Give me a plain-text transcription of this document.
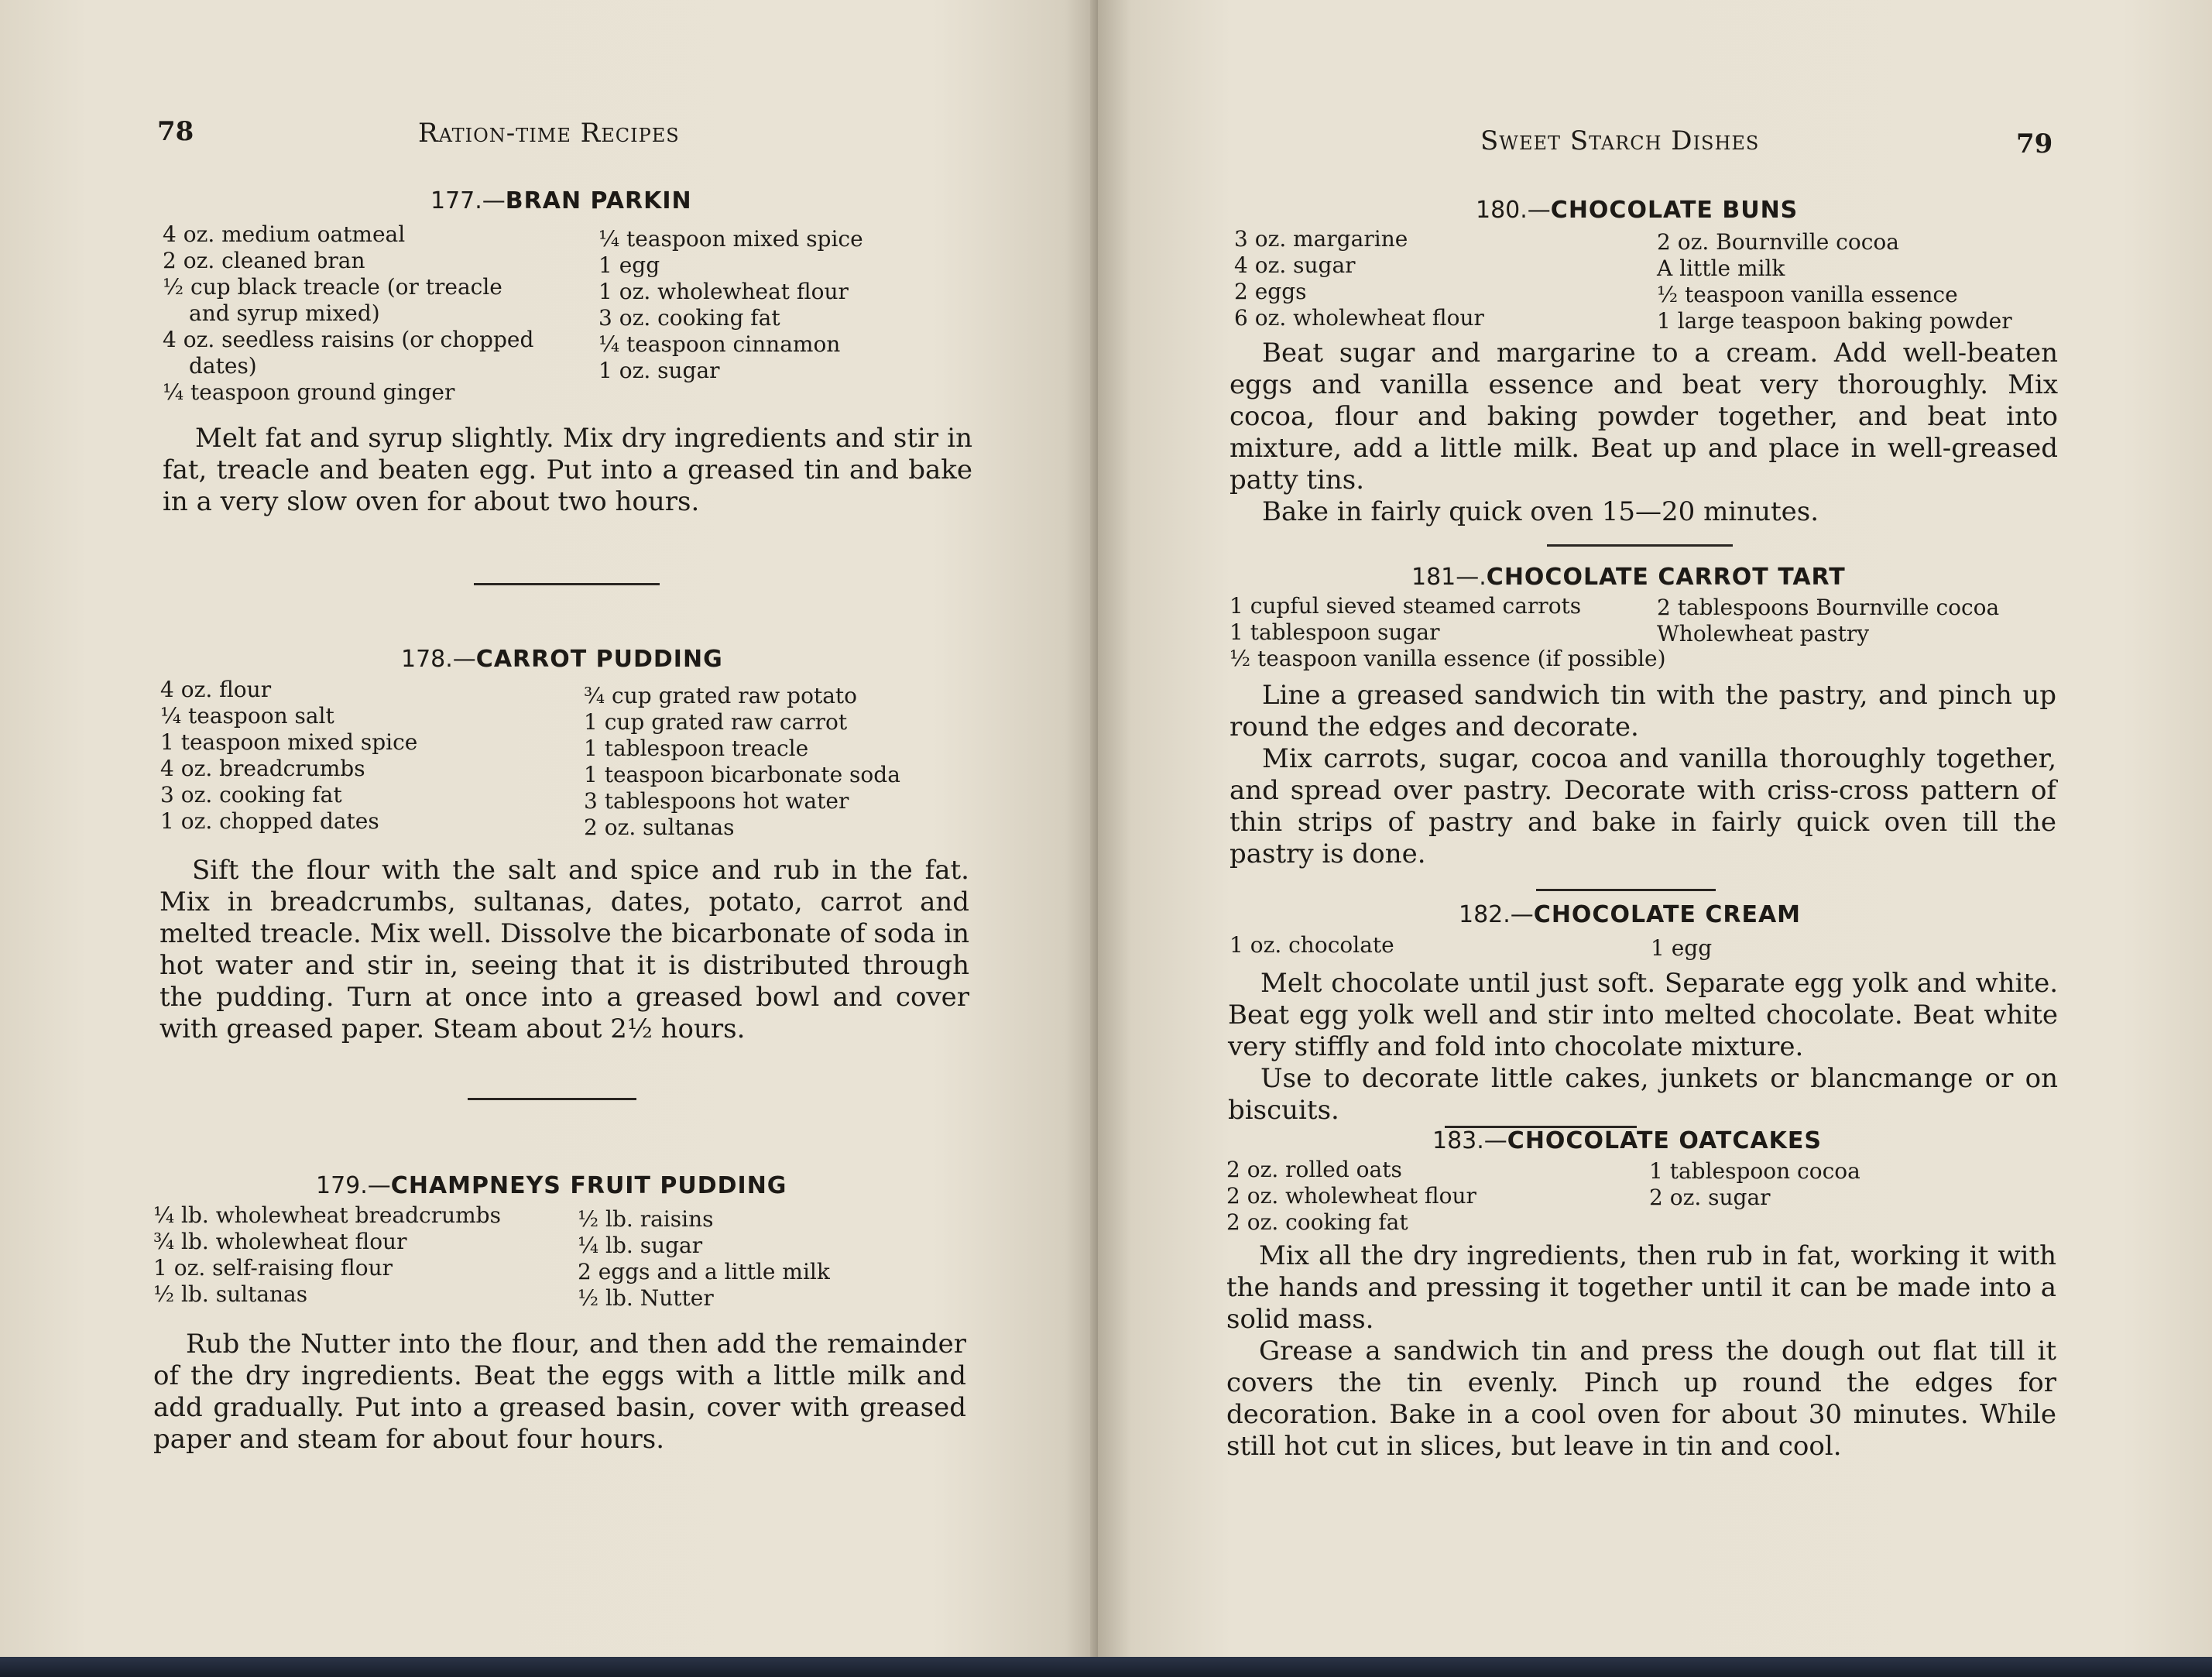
78	Ration-time Recipes
177.—BRAN PARKIN
4 oz. medium oatmeal
2 oz. cleaned bran
½ cup black treacle (or treacle
and syrup mixed)
4 oz. seedless raisins (or chopped
dates)
¼ teaspoon ground ginger
¼ teaspoon mixed spice
1 egg
1 oz. wholewheat flour
3 oz. cooking fat
¼ teaspoon cinnamon
1 oz. sugar

Melt fat and syrup slightly. Mix dry ingredients and stir in fat, treacle and beaten egg. Put into a greased tin and bake in a very slow oven for about two hours.

178.—CARROT PUDDING
4 oz. flour
¼ teaspoon salt
1 teaspoon mixed spice
4 oz. breadcrumbs
3 oz. cooking fat
1 oz. chopped dates
¾ cup grated raw potato
1 cup grated raw carrot
1 tablespoon treacle
1 teaspoon bicarbonate soda
3 tablespoons hot water
2 oz. sultanas

Sift the flour with the salt and spice and rub in the fat. Mix in breadcrumbs, sultanas, dates, potato, carrot and melted treacle. Mix well. Dissolve the bicarbonate of soda in hot water and stir in, seeing that it is distributed through the pudding. Turn at once into a greased bowl and cover with greased paper. Steam about 2½ hours.

179.—CHAMPNEYS FRUIT PUDDING
¼ lb. wholewheat breadcrumbs
¾ lb. wholewheat flour
1 oz. self-raising flour
½ lb. sultanas
½ lb. raisins
¼ lb. sugar
2 eggs and a little milk
½ lb. Nutter

Rub the Nutter into the flour, and then add the remainder of the dry ingredients. Beat the eggs with a little milk and add gradually. Put into a greased basin, cover with greased paper and steam for about four hours.

Sweet Starch Dishes	79
180.—CHOCOLATE BUNS
3 oz. margarine
4 oz. sugar
2 eggs
6 oz. wholewheat flour
2 oz. Bournville cocoa
A little milk
½ teaspoon vanilla essence
1 large teaspoon baking powder

Beat sugar and margarine to a cream. Add well-beaten eggs and vanilla essence and beat very thoroughly. Mix cocoa, flour and baking powder together, and beat into mixture, add a little milk. Beat up and place in well-greased patty tins.

Bake in fairly quick oven 15—20 minutes.

181—.CHOCOLATE CARROT TART
1 cupful sieved steamed carrots
1 tablespoon sugar
½ teaspoon vanilla essence (if possible)
2 tablespoons Bournville cocoa
Wholewheat pastry

Line a greased sandwich tin with the pastry, and pinch up round the edges and decorate.

Mix carrots, sugar, cocoa and vanilla thoroughly together, and spread over pastry. Decorate with criss-cross pattern of thin strips of pastry and bake in fairly quick oven till the pastry is done.

182.—CHOCOLATE CREAM
1 oz. chocolate	1 egg

Melt chocolate until just soft. Separate egg yolk and white. Beat egg yolk well and stir into melted chocolate. Beat white very stiffly and fold into chocolate mixture.

Use to decorate little cakes, junkets or blancmange or on biscuits.

183.—CHOCOLATE OATCAKES
2 oz. rolled oats
2 oz. wholewheat flour
2 oz. cooking fat
1 tablespoon cocoa
2 oz. sugar

Mix all the dry ingredients, then rub in fat, working it with the hands and pressing it together until it can be made into a solid mass.

Grease a sandwich tin and press the dough out flat till it covers the tin evenly. Pinch up round the edges for decoration. Bake in a cool oven for about 30 minutes. While still hot cut in slices, but leave in tin and cool.
